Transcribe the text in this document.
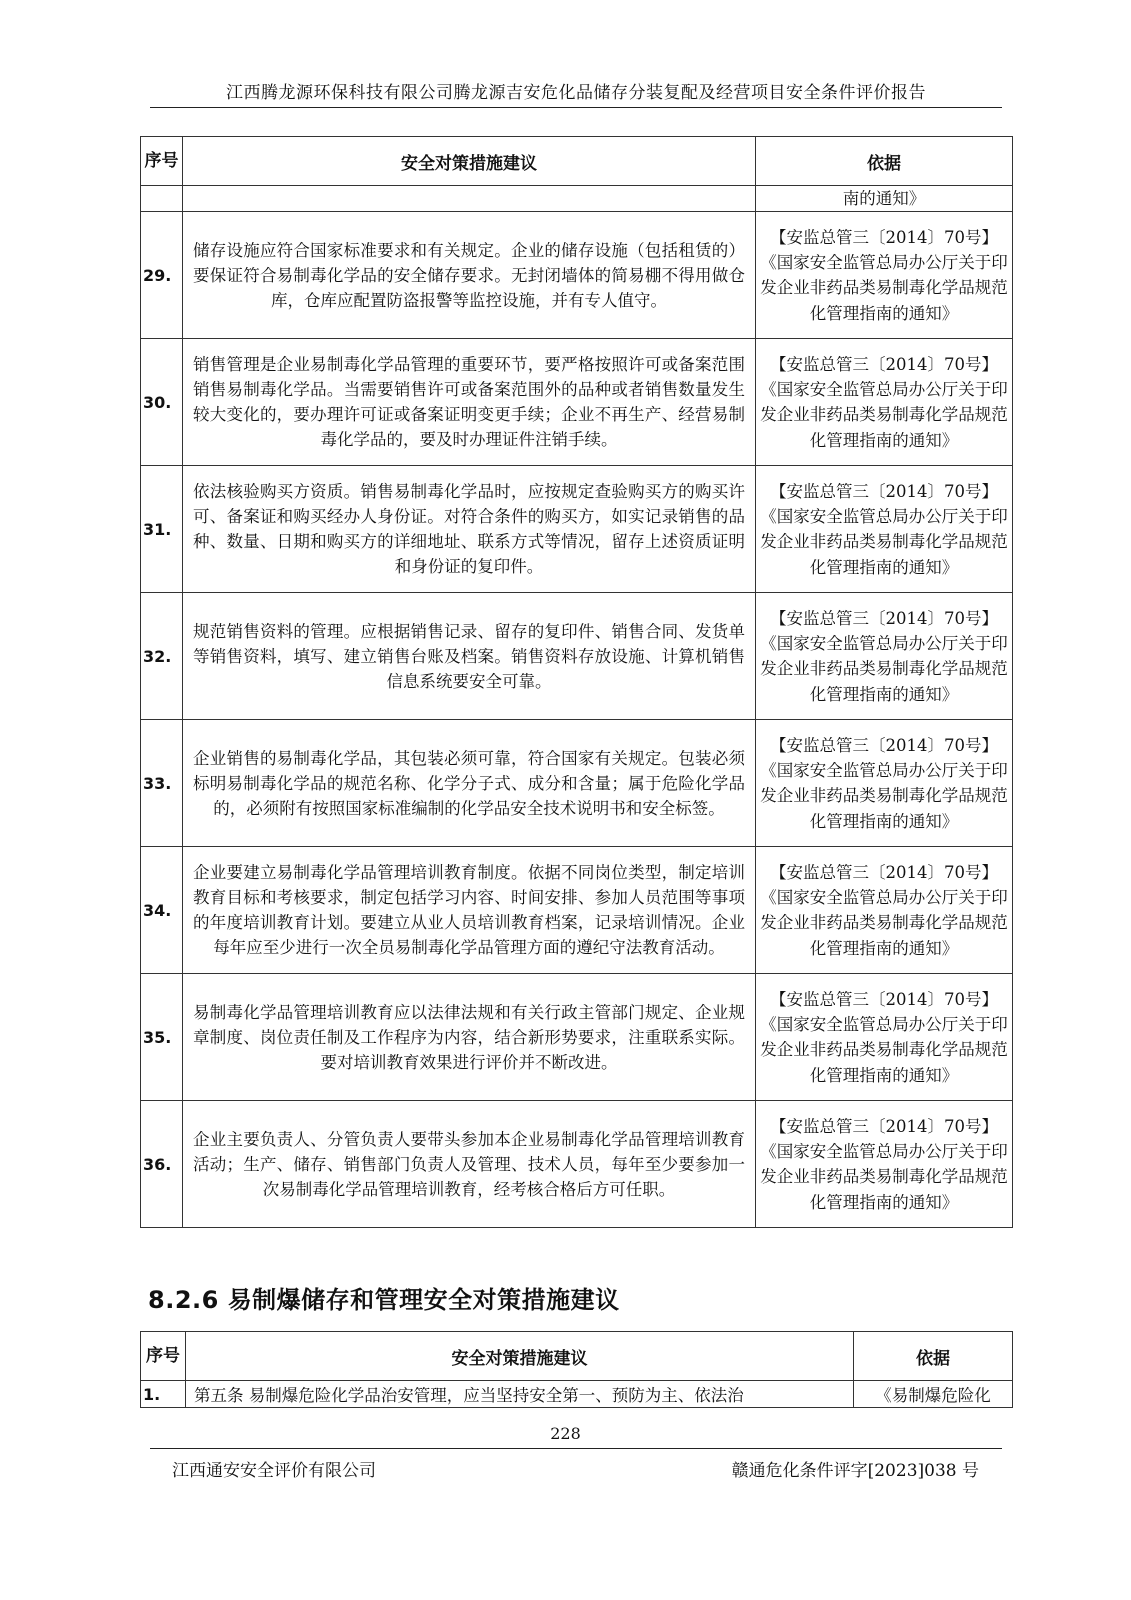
江西腾龙源环保科技有限公司腾龙源吉安危化品储存分装复配及经营项目安全条件评价报告
序号	安全对策措施建议	依据
		南的通知》
29.	储存设施应符合国家标准要求和有关规定。企业的储存设施（包括租赁的）要保证符合易制毒化学品的安全储存要求。无封闭墙体的简易棚不得用做仓库，仓库应配置防盗报警等监控设施，并有专人值守。	【安监总管三〔2014〕70号】《国家安全监管总局办公厅关于印发企业非药品类易制毒化学品规范化管理指南的通知》
30.	销售管理是企业易制毒化学品管理的重要环节，要严格按照许可或备案范围销售易制毒化学品。当需要销售许可或备案范围外的品种或者销售数量发生较大变化的，要办理许可证或备案证明变更手续；企业不再生产、经营易制毒化学品的，要及时办理证件注销手续。	【安监总管三〔2014〕70号】《国家安全监管总局办公厅关于印发企业非药品类易制毒化学品规范化管理指南的通知》
31.	依法核验购买方资质。销售易制毒化学品时，应按规定查验购买方的购买许可、备案证和购买经办人身份证。对符合条件的购买方，如实记录销售的品种、数量、日期和购买方的详细地址、联系方式等情况，留存上述资质证明和身份证的复印件。	【安监总管三〔2014〕70号】《国家安全监管总局办公厅关于印发企业非药品类易制毒化学品规范化管理指南的通知》
32.	规范销售资料的管理。应根据销售记录、留存的复印件、销售合同、发货单等销售资料，填写、建立销售台账及档案。销售资料存放设施、计算机销售信息系统要安全可靠。	【安监总管三〔2014〕70号】《国家安全监管总局办公厅关于印发企业非药品类易制毒化学品规范化管理指南的通知》
33.	企业销售的易制毒化学品，其包装必须可靠，符合国家有关规定。包装必须标明易制毒化学品的规范名称、化学分子式、成分和含量；属于危险化学品的，必须附有按照国家标准编制的化学品安全技术说明书和安全标签。	【安监总管三〔2014〕70号】《国家安全监管总局办公厅关于印发企业非药品类易制毒化学品规范化管理指南的通知》
34.	企业要建立易制毒化学品管理培训教育制度。依据不同岗位类型，制定培训教育目标和考核要求，制定包括学习内容、时间安排、参加人员范围等事项的年度培训教育计划。要建立从业人员培训教育档案，记录培训情况。企业每年应至少进行一次全员易制毒化学品管理方面的遵纪守法教育活动。	【安监总管三〔2014〕70号】《国家安全监管总局办公厅关于印发企业非药品类易制毒化学品规范化管理指南的通知》
35.	易制毒化学品管理培训教育应以法律法规和有关行政主管部门规定、企业规章制度、岗位责任制及工作程序为内容，结合新形势要求，注重联系实际。要对培训教育效果进行评价并不断改进。	【安监总管三〔2014〕70号】《国家安全监管总局办公厅关于印发企业非药品类易制毒化学品规范化管理指南的通知》
36.	企业主要负责人、分管负责人要带头参加本企业易制毒化学品管理培训教育活动；生产、储存、销售部门负责人及管理、技术人员，每年至少要参加一次易制毒化学品管理培训教育，经考核合格后方可任职。	【安监总管三〔2014〕70号】《国家安全监管总局办公厅关于印发企业非药品类易制毒化学品规范化管理指南的通知》
8.2.6 易制爆储存和管理安全对策措施建议
序号	安全对策措施建议	依据
1.	第五条 易制爆危险化学品治安管理，应当坚持安全第一、预防为主、依法治	《易制爆危险化
228
江西通安安全评价有限公司	赣通危化条件评字[2023]038 号
